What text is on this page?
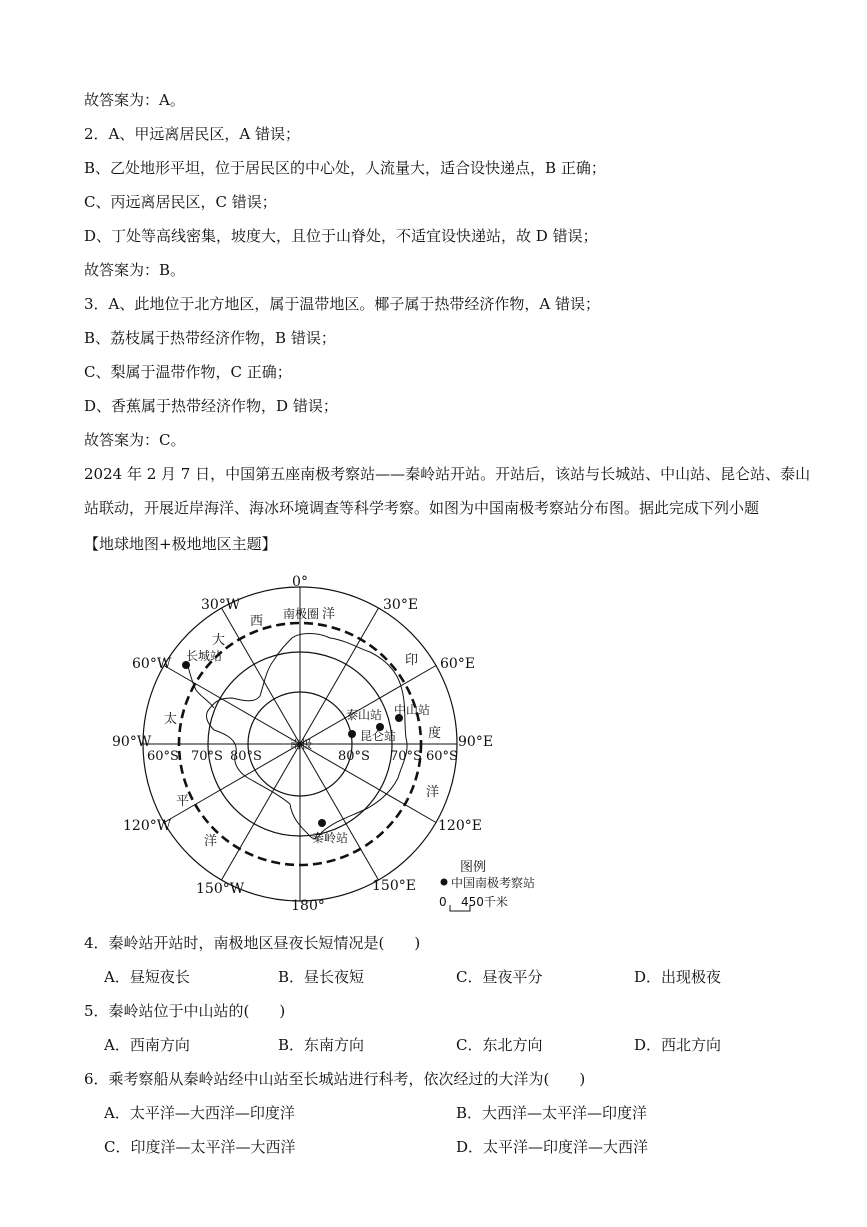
故答案为：A。
2．A、甲远离居民区，A 错误；
B、乙处地形平坦，位于居民区的中心处，人流量大，适合设快递点，B 正确；
C、丙远离居民区，C 错误；
D、丁处等高线密集，坡度大，且位于山脊处，不适宜设快递站，故 D 错误；
故答案为：B。
3．A、此地位于北方地区，属于温带地区。椰子属于热带经济作物，A 错误；
B、荔枝属于热带经济作物，B 错误；
C、梨属于温带作物，C 正确；
D、香蕉属于热带经济作物，D 错误；
故答案为：C。
2024 年 2 月 7 日，中国第五座南极考察站——秦岭站开站。开站后，该站与长城站、中山站、昆仑站、泰山站联动，开展近岸海洋、海冰环境调查等科学考察。如图为中国南极考察站分布图。据此完成下列小题
【地球地图+极地地区主题】
0°
30°E
60°E
90°E
120°E
150°E
180°
150°W
120°W
90°W
60°W
30°W
60°S 70°S 80°S	80°S 70°S 60°S
南极圈
南极
西	洋
大
印
度
洋
太
平
洋
长城站
泰山站 中山站
昆仑站
秦岭站
图例
中国南极考察站
0 450千米
4．秦岭站开站时，南极地区昼夜长短情况是(　　)
A．昼短夜长	B．昼长夜短	C．昼夜平分	D．出现极夜
5．秦岭站位于中山站的(　　)
A．西南方向	B．东南方向	C．东北方向	D．西北方向
6．乘考察船从秦岭站经中山站至长城站进行科考，依次经过的大洋为(　　)
A．太平洋—大西洋—印度洋	B．大西洋—太平洋—印度洋
C．印度洋—太平洋—大西洋	D．太平洋—印度洋—大西洋
